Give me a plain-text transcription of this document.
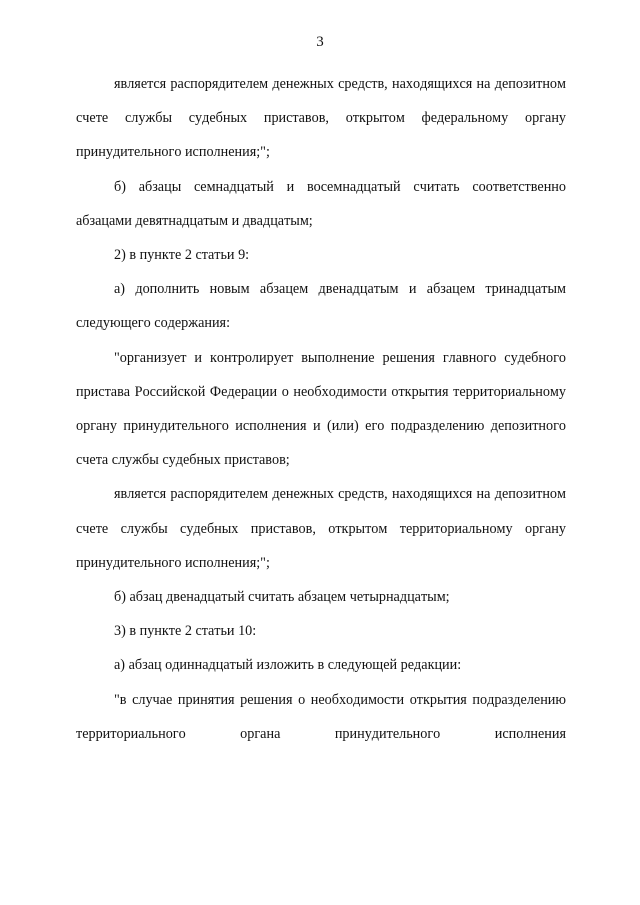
3

является распорядителем денежных средств, находящихся на депозитном счете службы судебных приставов, открытом федеральному органу принудительного исполнения;";

б) абзацы семнадцатый и восемнадцатый считать соответственно абзацами девятнадцатым и двадцатым;

2) в пункте 2 статьи 9:

а) дополнить новым абзацем двенадцатым и абзацем тринадцатым следующего содержания:

"организует и контролирует выполнение решения главного судебного пристава Российской Федерации о необходимости открытия территориальному органу принудительного исполнения и (или) его подразделению депозитного счета службы судебных приставов;

является распорядителем денежных средств, находящихся на депозитном счете службы судебных приставов, открытом территориальному органу принудительного исполнения;";

б) абзац двенадцатый считать абзацем четырнадцатым;

3) в пункте 2 статьи 10:

а) абзац одиннадцатый изложить в следующей редакции:

"в случае принятия решения о необходимости открытия подразделению территориального органа принудительного исполнения
